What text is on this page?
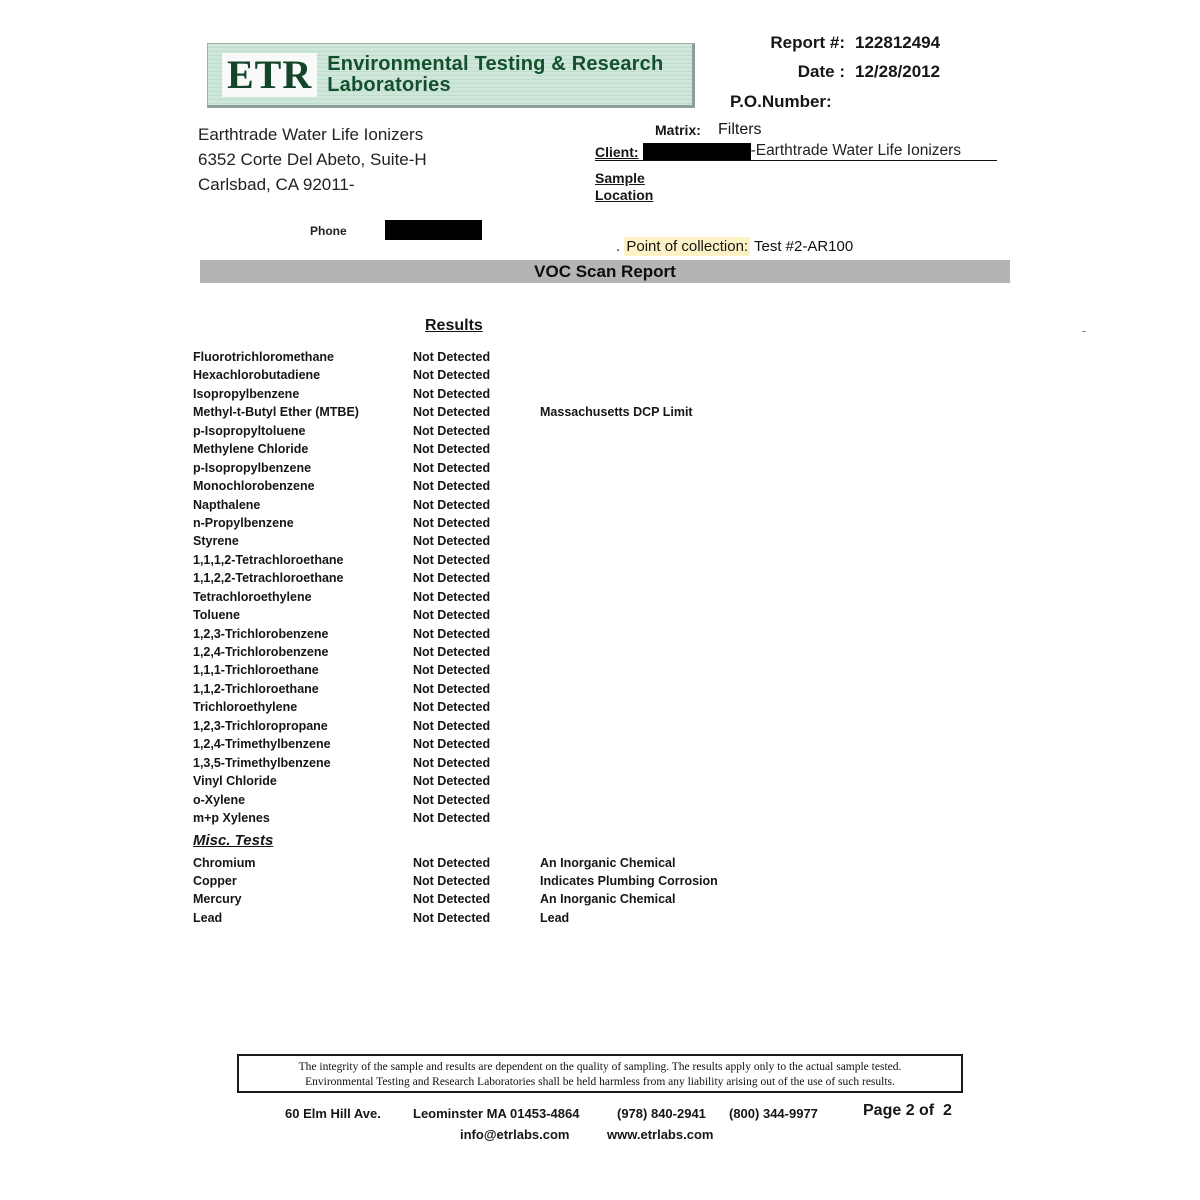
ETR Environmental Testing & Research
Laboratories
Report #: 122812494
Date : 12/28/2012
P.O.Number:
Earthtrade Water Life Ionizers
6352 Corte Del Abeto, Suite-H
Carlsbad, CA 92011-
Matrix: Filters
Client:	-Earthtrade Water Life Ionizers
Sample
Location
Phone
. Point of collection: Test #2-AR100
VOC Scan Report
Results	-
Fluorotrichloromethane	Not Detected
Hexachlorobutadiene	Not Detected
Isopropylbenzene	Not Detected
Methyl-t-Butyl Ether (MTBE)	Not Detected	Massachusetts DCP Limit
p-Isopropyltoluene	Not Detected
Methylene Chloride	Not Detected
p-Isopropylbenzene	Not Detected
Monochlorobenzene	Not Detected
Napthalene	Not Detected
n-Propylbenzene	Not Detected
Styrene	Not Detected
1,1,1,2-Tetrachloroethane	Not Detected
1,1,2,2-Tetrachloroethane	Not Detected
Tetrachloroethylene	Not Detected
Toluene	Not Detected
1,2,3-Trichlorobenzene	Not Detected
1,2,4-Trichlorobenzene	Not Detected
1,1,1-Trichloroethane	Not Detected
1,1,2-Trichloroethane	Not Detected
Trichloroethylene	Not Detected
1,2,3-Trichloropropane	Not Detected
1,2,4-Trimethylbenzene	Not Detected
1,3,5-Trimethylbenzene	Not Detected
Vinyl Chloride	Not Detected
o-Xylene	Not Detected
m+p Xylenes	Not Detected
Misc. Tests
Chromium	Not Detected	An Inorganic Chemical
Copper	Not Detected	Indicates Plumbing Corrosion
Mercury	Not Detected	An Inorganic Chemical
Lead	Not Detected	Lead
The integrity of the sample and results are dependent on the quality of sampling. The results apply only to the actual sample tested.
Environmental Testing and Research Laboratories shall be held harmless from any liability arising out of the use of such results.
60 Elm Hill Ave. Leominster MA 01453-4864	(978) 840-2941 (800) 344-9977	Page 2 of  2
info@etrlabs.com	www.etrlabs.com
